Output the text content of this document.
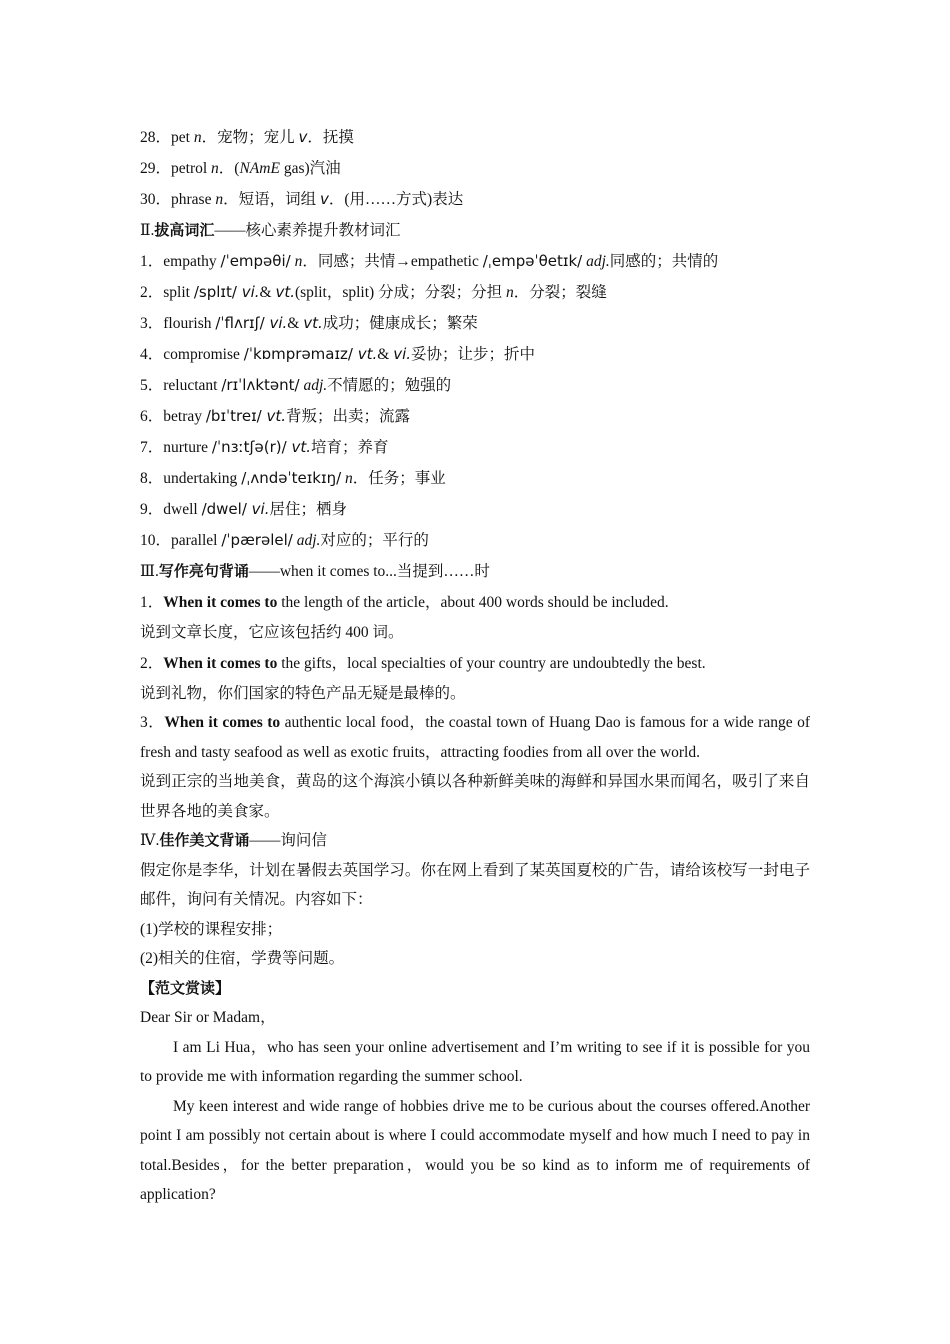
28．pet n．宠物；宠儿 v．抚摸
29．petrol n．(NAmE gas)汽油
30．phrase n．短语，词组 v．(用……方式)表达
Ⅱ.拔高词汇——核心素养提升教材词汇
1．empathy /ˈempəθi/ n．同感；共情→empathetic /ˌempəˈθetɪk/ adj.同感的；共情的
2．split /splɪt/ vi.& vt.(split，split) 分成；分裂；分担 n．分裂；裂缝
3．flourish /ˈflʌrɪʃ/ vi.& vt.成功；健康成长；繁荣
4．compromise /ˈkɒmprəmaɪz/ vt.& vi.妥协；让步；折中
5．reluctant /rɪˈlʌktənt/ adj.不情愿的；勉强的
6．betray /bɪˈtreɪ/ vt.背叛；出卖；流露
7．nurture /ˈnɜːtʃə(r)/ vt.培育；养育
8．undertaking /ˌʌndəˈteɪkɪŋ/ n．任务；事业
9．dwell /dwel/ vi.居住；栖身
10．parallel /ˈpærəlel/ adj.对应的；平行的
Ⅲ.写作亮句背诵——when it comes to...当提到……时
1．When it comes to the length of the article，about 400 words should be included.
说到文章长度，它应该包括约 400 词。
2．When it comes to the gifts，local specialties of your country are undoubtedly the best.
说到礼物，你们国家的特色产品无疑是最棒的。
3．When it comes to authentic local food，the coastal town of Huang Dao is famous for a wide range of fresh and tasty seafood as well as exotic fruits，attracting foodies from all over the world.
说到正宗的当地美食，黄岛的这个海滨小镇以各种新鲜美味的海鲜和异国水果而闻名，吸引了来自世界各地的美食家。
Ⅳ.佳作美文背诵——询问信
假定你是李华，计划在暑假去英国学习。你在网上看到了某英国夏校的广告，请给该校写一封电子邮件，询问有关情况。内容如下：
(1)学校的课程安排；
(2)相关的住宿，学费等问题。
【范文赏读】
Dear Sir or Madam，
I am Li Hua，who has seen your online advertisement and I’m writing to see if it is possible for you to provide me with information regarding the summer school.
My keen interest and wide range of hobbies drive me to be curious about the courses offered.Another point I am possibly not certain about is where I could accommodate myself and how much I need to pay in total.Besides，for the better preparation，would you be so kind as to inform me of requirements of application?
